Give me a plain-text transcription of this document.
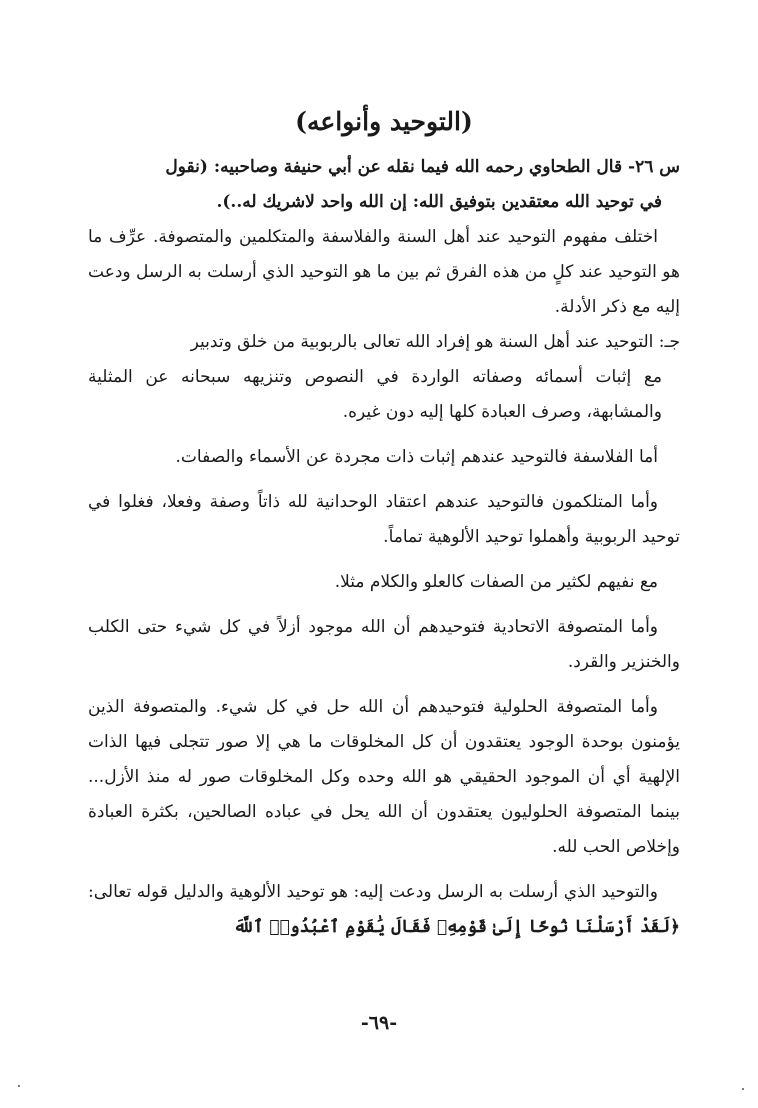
(التوحيد وأنواعه)

س ٢٦- قال الطحاوي رحمه الله فيما نقله عن أبي حنيفة وصاحبيه: (نقول
في توحيد الله معتقدين بتوفيق الله: إن الله واحد لاشريك له..).

اختلف مفهوم التوحيد عند أهل السنة والفلاسفة والمتكلمين والمتصوفة. عرِّف ما هو التوحيد عند كلٍ من هذه الفرق ثم بين ما هو التوحيد الذي أرسلت به الرسل ودعت إليه مع ذكر الأدلة.

جـ: التوحيد عند أهل السنة هو إفراد الله تعالى بالربوبية من خلق وتدبير
مع إثبات أسمائه وصفاته الواردة في النصوص وتنزيهه سبحانه عن المثلية والمشابهة، وصرف العبادة كلها إليه دون غيره.

أما الفلاسفة فالتوحيد عندهم إثبات ذات مجردة عن الأسماء والصفات.

وأما المتلكمون فالتوحيد عندهم اعتقاد الوحدانية لله ذاتاً وصفة وفعلا، فغلوا في توحيد الربوبية وأهملوا توحيد الألوهية تماماً.

مع نفيهم لكثير من الصفات كالعلو والكلام مثلا.

وأما المتصوفة الاتحادية فتوحيدهم أن الله موجود أزلاً في كل شيء حتى الكلب والخنزير والقرد.

وأما المتصوفة الحلولية فتوحيدهم أن الله حل في كل شيء. والمتصوفة الذين يؤمنون بوحدة الوجود يعتقدون أن كل المخلوقات ما هي إلا صور تتجلى فيها الذات الإلهية أي أن الموجود الحقيقي هو الله وحده وكل المخلوقات صور له منذ الأزل... بينما المتصوفة الحلوليون يعتقدون أن الله يحل في عباده الصالحين، بكثرة العبادة وإخلاص الحب لله.

والتوحيد الذي أرسلت به الرسل ودعت إليه: هو توحيد الألوهية والدليل قوله تعالى: ﴿لَقَدْ أَرْسَلْنَا نُوحًا إِلَىٰ قَوْمِهِۦ فَقَالَ يَٰقَوْمِ ٱعْبُدُوا۟ ٱللَّهَ

-٦٩-
